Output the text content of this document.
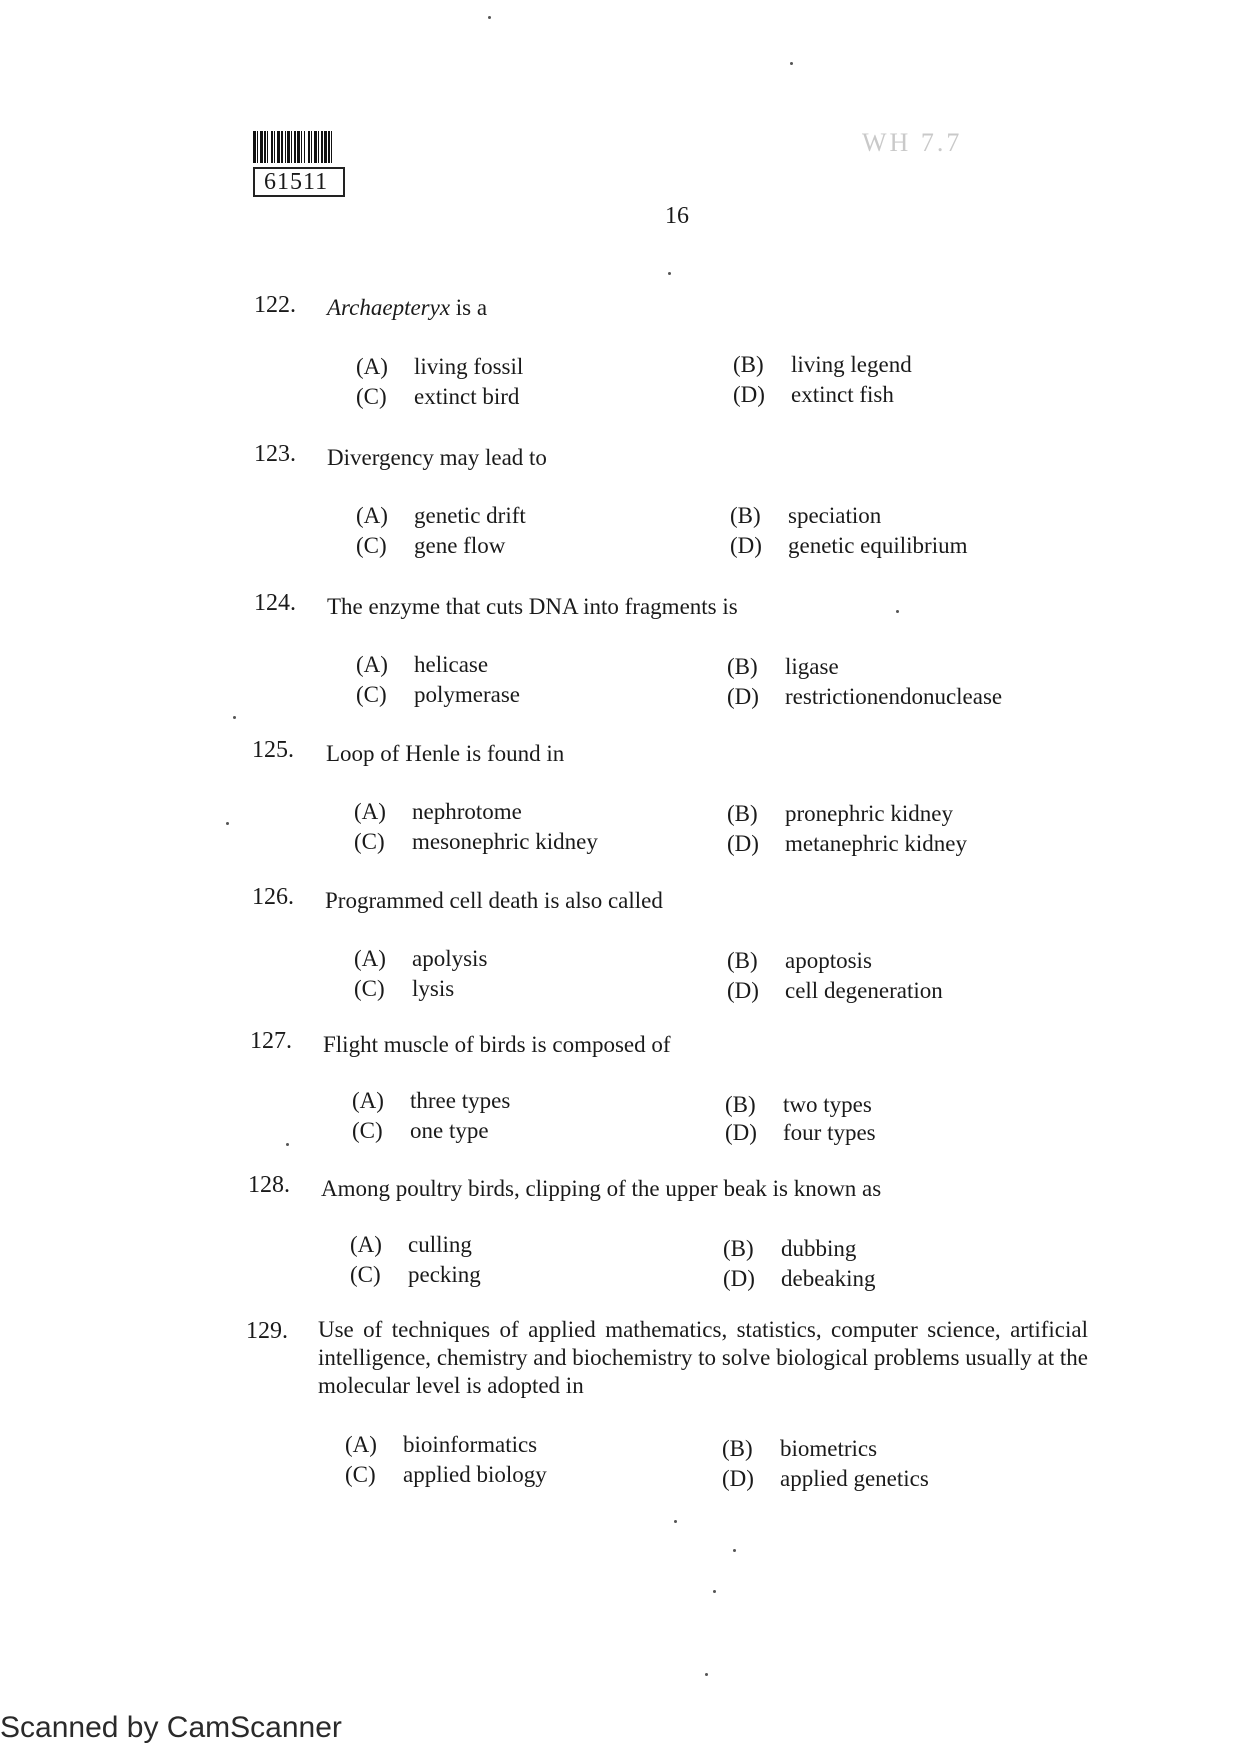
WH 7.7
61511
16
122. Archaepteryx is a
(A) living fossil	(B) living legend
(C) extinct bird	(D) extinct fish
123. Divergency may lead to
(A) genetic drift	(B) speciation
(C) gene flow	(D) genetic equilibrium
124. The enzyme that cuts DNA into fragments is
(A) helicase	(B) ligase
(C) polymerase	(D) restrictionendonuclease
125. Loop of Henle is found in
(A) nephrotome	(B) pronephric kidney
(C) mesonephric kidney	(D) metanephric kidney
126. Programmed cell death is also called
(A) apolysis	(B) apoptosis
(C) lysis	(D) cell degeneration
127. Flight muscle of birds is composed of
(A) three types	(B) two types
(C) one type	(D) four types
128. Among poultry birds, clipping of the upper beak is known as
(A) culling	(B) dubbing
(C) pecking	(D) debeaking
129. Use of techniques of applied mathematics, statistics, computer science, artificial intelligence, chemistry and biochemistry to solve biological problems usually at the molecular level is adopted in
(A) bioinformatics	(B) biometrics
(C) applied biology	(D) applied genetics
Scanned by CamScanner
